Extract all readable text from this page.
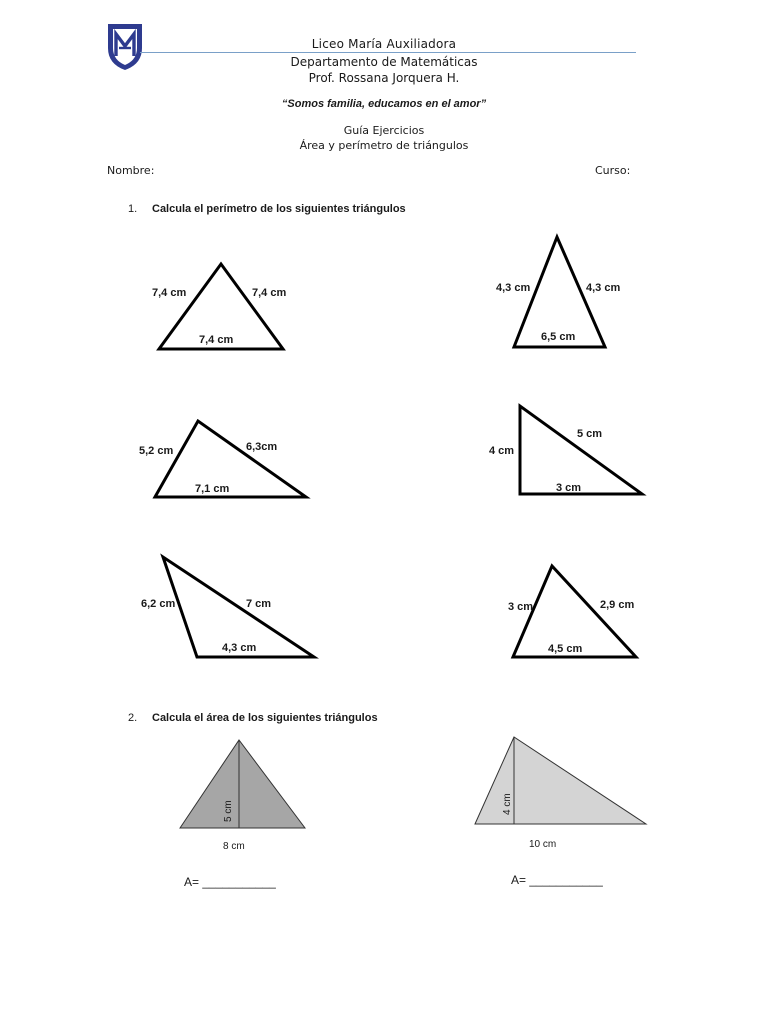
Liceo María Auxiliadora
Departamento de Matemáticas
Prof. Rossana Jorquera H.
“Somos familia, educamos en el amor”
Guía Ejercicios
Área y perímetro de triángulos
Nombre:	Curso:
1. Calcula el perímetro de los siguientes triángulos
2. Calcula el área de los siguientes triángulos
7,4 cm	7,4 cm
7,4 cm
4,3 cm	4,3 cm
6,5 cm
5,2 cm	6,3cm
7,1 cm
4 cm
5 cm
3 cm
6,2 cm	7 cm
4,3 cm
3 cm	2,9 cm
4,5 cm
5 cm
8 cm
4 cm
10 cm
A= ___________	A= ___________
